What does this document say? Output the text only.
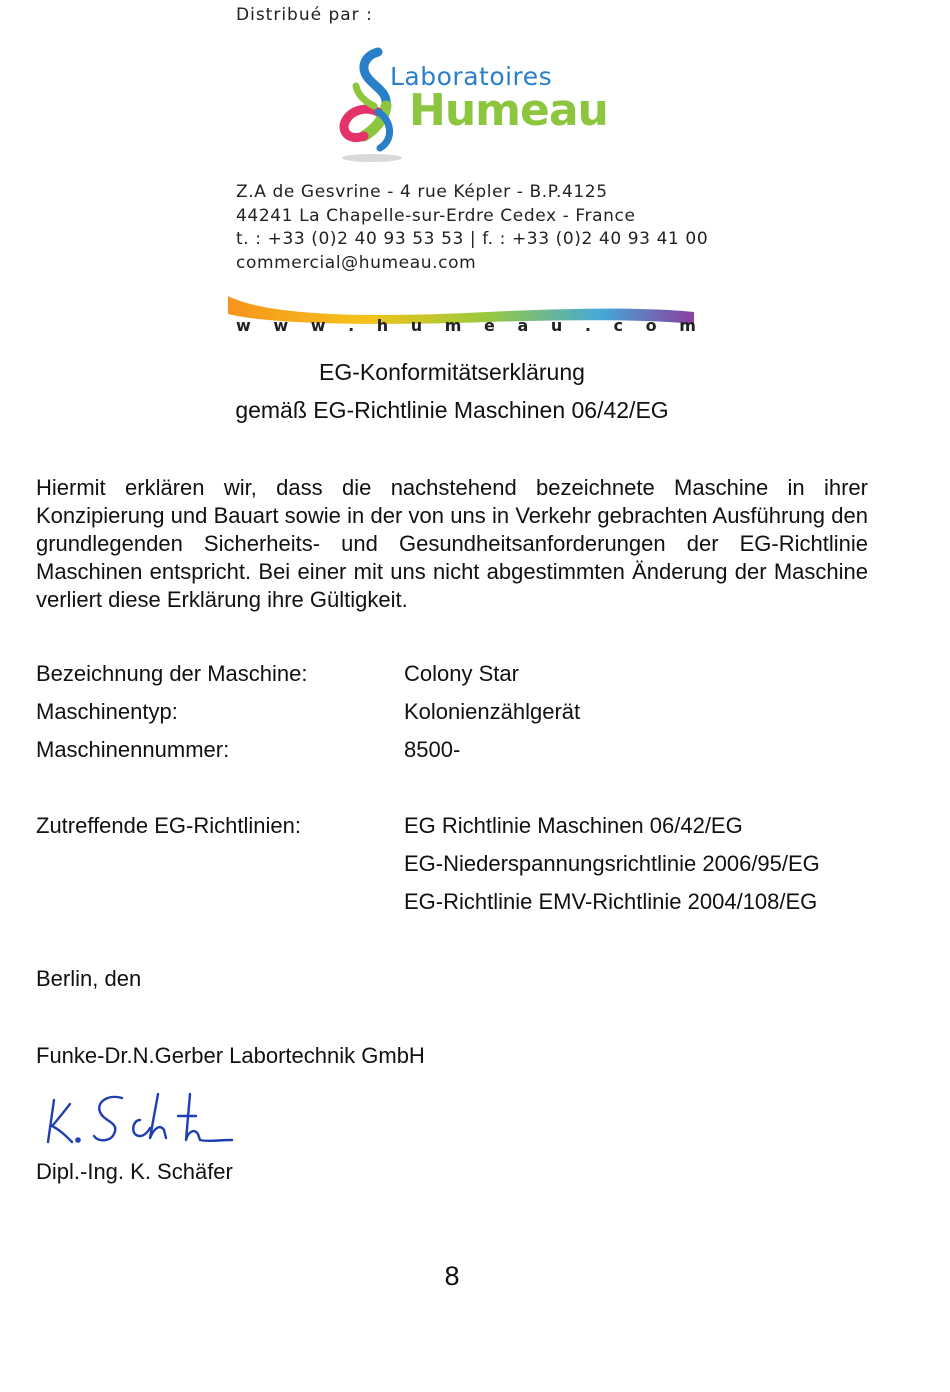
Distribué par :
Laboratoires
Humeau
Z.A de Gesvrine - 4 rue Képler - B.P.4125
44241 La Chapelle-sur-Erdre Cedex - France
t. : +33 (0)2 40 93 53 53 | f. : +33 (0)2 40 93 41 00
commercial@humeau.com
w w w . h u m e a u . c o m
EG-Konformitätserklärung
gemäß EG-Richtlinie Maschinen 06/42/EG
Hiermit erklären wir, dass die nachstehend bezeichnete Maschine in ihrer Konzipierung und Bauart sowie in der von uns in Verkehr gebrachten Ausführung den grundlegenden Sicherheits- und Gesundheitsanforderungen der EG-Richtlinie Maschinen entspricht. Bei einer mit uns nicht abgestimmten Änderung der Maschine verliert diese Erklärung ihre Gültigkeit.
Bezeichnung der Maschine:	Colony Star
Maschinentyp:	Kolonienzählgerät
Maschinennummer:	8500-
Zutreffende EG-Richtlinien:	EG Richtlinie Maschinen 06/42/EG
EG-Niederspannungsrichtlinie 2006/95/EG
EG-Richtlinie EMV-Richtlinie 2004/108/EG
Berlin, den
Funke-Dr.N.Gerber Labortechnik GmbH
Dipl.-Ing. K. Schäfer
8
